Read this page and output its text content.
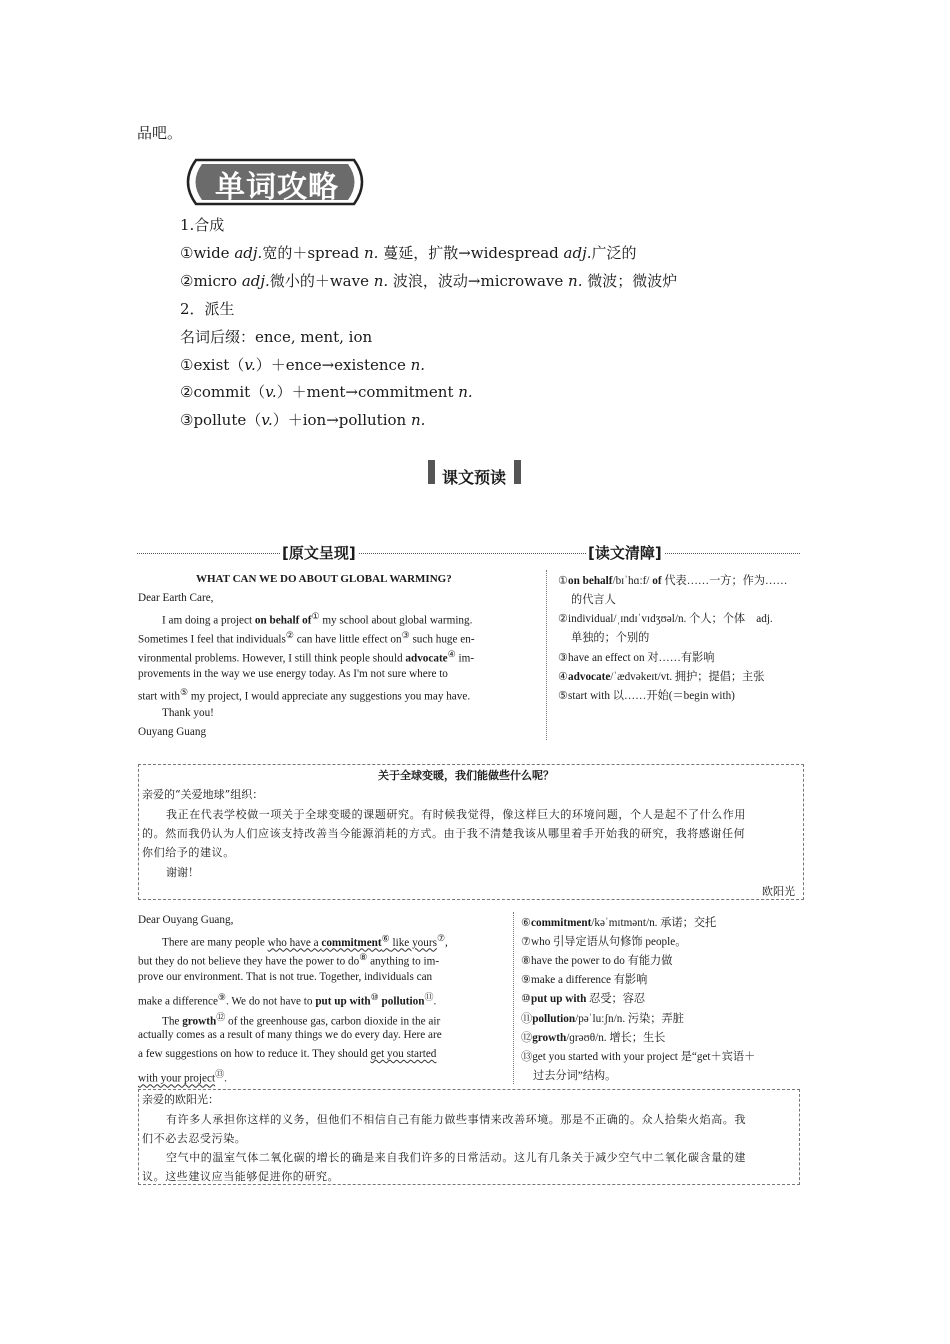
品吧。
单词攻略
1.合成
①wide adj.宽的＋spread n. 蔓延，扩散→widespread adj.广泛的
②micro adj.微小的＋wave n. 波浪，波动→microwave n. 微波；微波炉
2．派生
名词后缀：ence, ment, ion
①exist（v.）＋ence→existence n.
②commit（v.）＋ment→commitment n.
③pollute（v.）＋ion→pollution n.
课文预读
[原文呈现]	[读文清障]
WHAT CAN WE DO ABOUT GLOBAL WARMING?
Dear Earth Care,
I am doing a project on behalf of① my school about global warming.
Sometimes I feel that individuals② can have little effect on③ such huge en-
vironmental problems. However, I still think people should advocate④ im-
provements in the way we use energy today. As I'm not sure where to
start with⑤ my project, I would appreciate any suggestions you may have.
Thank you!
Ouyang Guang
①on behalf/bɪˈhɑːf/ of 代表……一方；作为……
的代言人
②individual/ˌɪndɪˈvɪdʒʊəl/n. 个人；个体　adj.
单独的；个别的
③have an effect on 对……有影响
④advocate/ˈædvəkeɪt/vt. 拥护；提倡；主张
⑤start with 以……开始(＝begin with)
关于全球变暖，我们能做些什么呢？
亲爱的“关爱地球”组织：
我正在代表学校做一项关于全球变暖的课题研究。有时候我觉得，像这样巨大的环境问题，个人是起不了什么作用
的。然而我仍认为人们应该支持改善当今能源消耗的方式。由于我不清楚我该从哪里着手开始我的研究，我将感谢任何
你们给予的建议。
谢谢！
欧阳光
Dear Ouyang Guang,
There are many people who have a commitment⑥ like yours⑦,
but they do not believe they have the power to do⑧ anything to im-
prove our environment. That is not true. Together, individuals can
make a difference⑨. We do not have to put up with⑩ pollution⑪.
The growth⑫ of the greenhouse gas, carbon dioxide in the air
actually comes as a result of many things we do every day. Here are
a few suggestions on how to reduce it. They should get you started
with your project⑬.
⑥commitment/kəˈmɪtmənt/n. 承诺；交托
⑦who 引导定语从句修饰 people。
⑧have the power to do 有能力做
⑨make a difference 有影响
⑩put up with 忍受；容忍
⑪pollution/pəˈluːʃn/n. 污染；弄脏
⑫growth/ɡrəʊθ/n. 增长；生长
⑬get you started with your project 是“get＋宾语＋
过去分词”结构。
亲爱的欧阳光：
有许多人承担你这样的义务，但他们不相信自己有能力做些事情来改善环境。那是不正确的。众人拾柴火焰高。我
们不必去忍受污染。
空气中的温室气体二氧化碳的增长的确是来自我们许多的日常活动。这儿有几条关于减少空气中二氧化碳含量的建
议。这些建议应当能够促进你的研究。
